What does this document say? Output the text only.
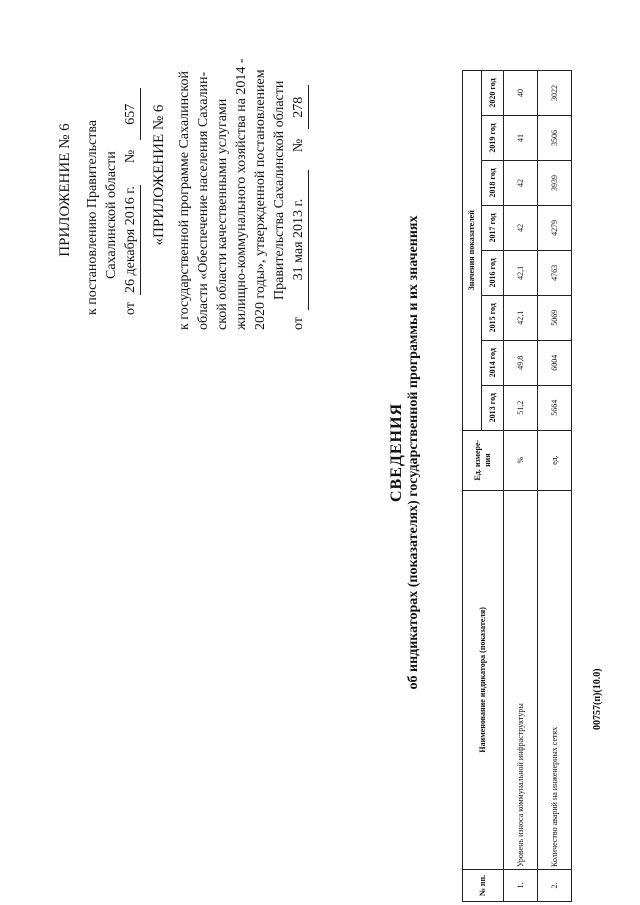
ПРИЛОЖЕНИЕ № 6 к постановлению Правительства Сахалинской области
от 26 декабря 2016 г. № 657 «ПРИЛОЖЕНИЕ № 6 к государственной программе Сахалинской области «Обеспечение населения Сахалин- ской области качественными услугами жилищно-коммунального хозяйства на 2014 - 2020 годы», утвержденной постановлением Правительства Сахалинской области
от 31 мая 2013 г. № 278
СВЕДЕНИЯ об индикаторах (показателях) государственной программы и их значениях
№ пп.	Наименование индикатора (показателя)	Ед. измере- ния	Значения показателей							
			2013 год	2014 год	2015 год	2016 год	2017 год	2018 год	2019 год	2020 год
1.	Уровень износа коммунальной инфраструктуры	%	51,2	49,8	42,1	42,1	42	42	41	40
2.	Количество аварий на инженерных сетях	ед.	5664	6004	5069	4763	4279	3939	3506	3022
00757(п)(10.0)
